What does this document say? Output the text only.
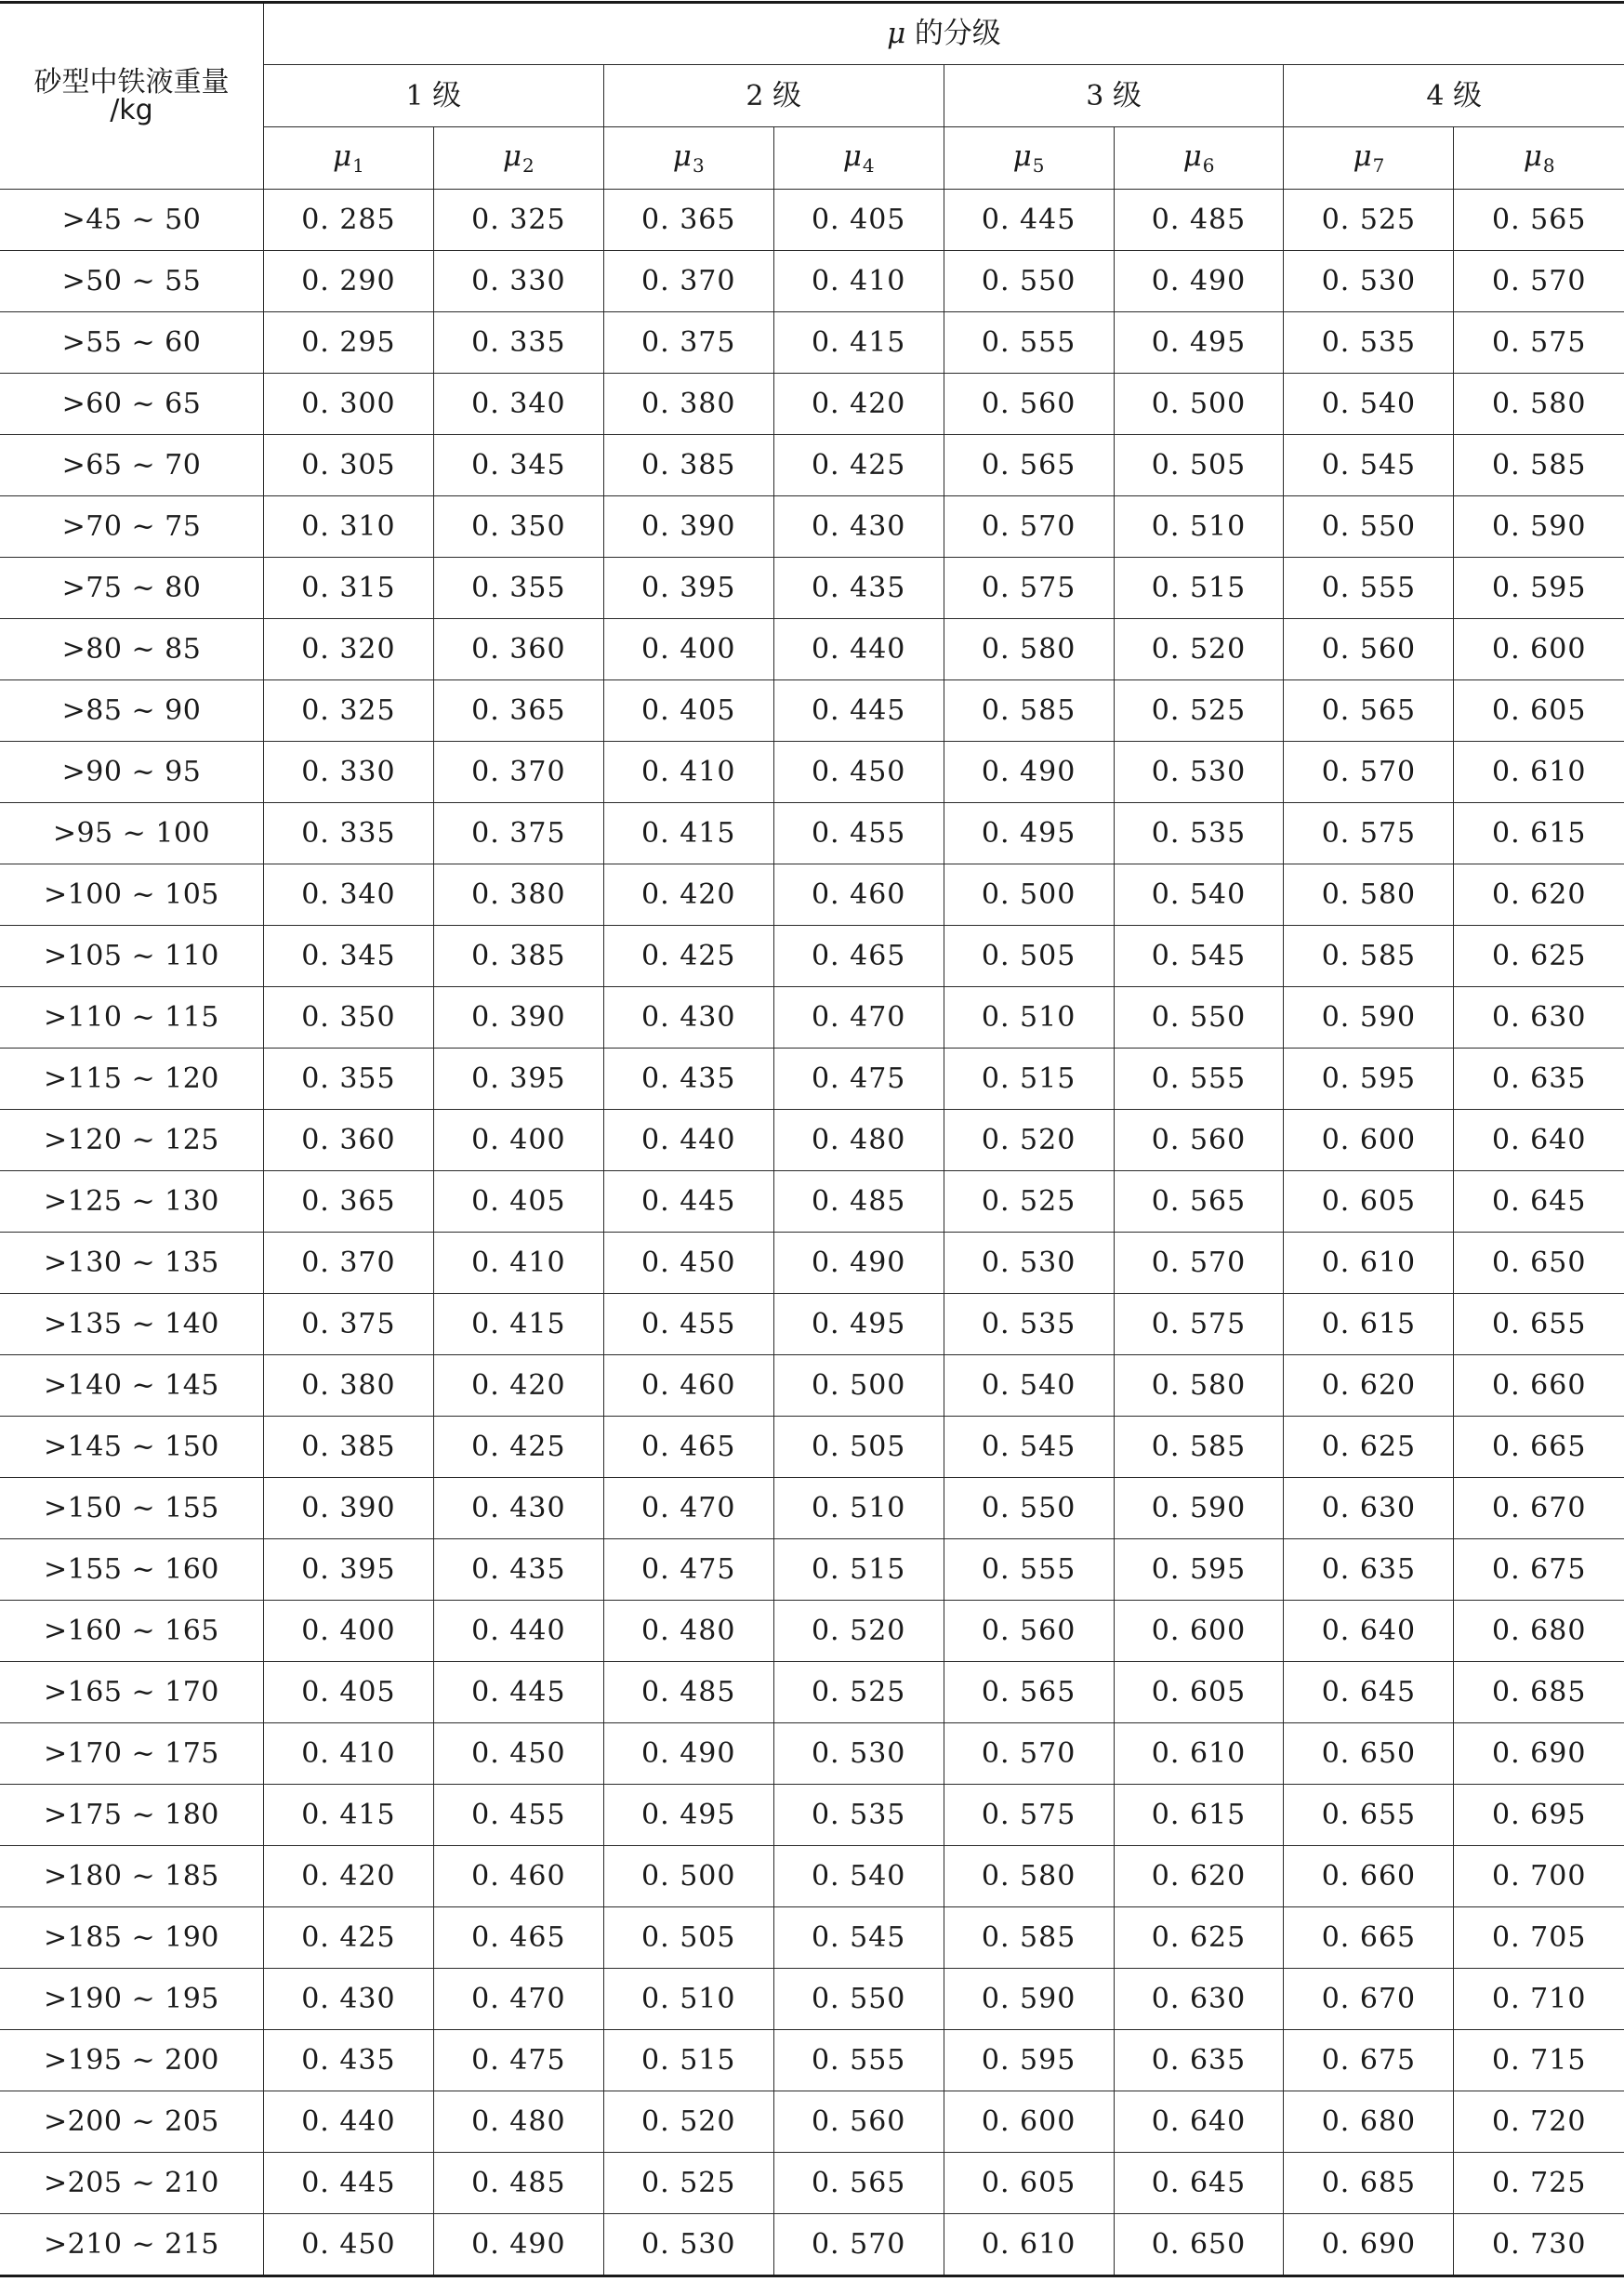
砂型中铁液重量
/kg	μ 的分级							
	1 级		2 级		3 级		4 级	
	$\mu_1$	$\mu_2$	$\mu_3$	$\mu_4$	$\mu_5$	$\mu_6$	$\mu_7$	$\mu_8$
>45 ~ 50	0. 285	0. 325	0. 365	0. 405	0. 445	0. 485	0. 525	0. 565
>50 ~ 55	0. 290	0. 330	0. 370	0. 410	0. 550	0. 490	0. 530	0. 570
>55 ~ 60	0. 295	0. 335	0. 375	0. 415	0. 555	0. 495	0. 535	0. 575
>60 ~ 65	0. 300	0. 340	0. 380	0. 420	0. 560	0. 500	0. 540	0. 580
>65 ~ 70	0. 305	0. 345	0. 385	0. 425	0. 565	0. 505	0. 545	0. 585
>70 ~ 75	0. 310	0. 350	0. 390	0. 430	0. 570	0. 510	0. 550	0. 590
>75 ~ 80	0. 315	0. 355	0. 395	0. 435	0. 575	0. 515	0. 555	0. 595
>80 ~ 85	0. 320	0. 360	0. 400	0. 440	0. 580	0. 520	0. 560	0. 600
>85 ~ 90	0. 325	0. 365	0. 405	0. 445	0. 585	0. 525	0. 565	0. 605
>90 ~ 95	0. 330	0. 370	0. 410	0. 450	0. 490	0. 530	0. 570	0. 610
>95 ~ 100	0. 335	0. 375	0. 415	0. 455	0. 495	0. 535	0. 575	0. 615
>100 ~ 105	0. 340	0. 380	0. 420	0. 460	0. 500	0. 540	0. 580	0. 620
>105 ~ 110	0. 345	0. 385	0. 425	0. 465	0. 505	0. 545	0. 585	0. 625
>110 ~ 115	0. 350	0. 390	0. 430	0. 470	0. 510	0. 550	0. 590	0. 630
>115 ~ 120	0. 355	0. 395	0. 435	0. 475	0. 515	0. 555	0. 595	0. 635
>120 ~ 125	0. 360	0. 400	0. 440	0. 480	0. 520	0. 560	0. 600	0. 640
>125 ~ 130	0. 365	0. 405	0. 445	0. 485	0. 525	0. 565	0. 605	0. 645
>130 ~ 135	0. 370	0. 410	0. 450	0. 490	0. 530	0. 570	0. 610	0. 650
>135 ~ 140	0. 375	0. 415	0. 455	0. 495	0. 535	0. 575	0. 615	0. 655
>140 ~ 145	0. 380	0. 420	0. 460	0. 500	0. 540	0. 580	0. 620	0. 660
>145 ~ 150	0. 385	0. 425	0. 465	0. 505	0. 545	0. 585	0. 625	0. 665
>150 ~ 155	0. 390	0. 430	0. 470	0. 510	0. 550	0. 590	0. 630	0. 670
>155 ~ 160	0. 395	0. 435	0. 475	0. 515	0. 555	0. 595	0. 635	0. 675
>160 ~ 165	0. 400	0. 440	0. 480	0. 520	0. 560	0. 600	0. 640	0. 680
>165 ~ 170	0. 405	0. 445	0. 485	0. 525	0. 565	0. 605	0. 645	0. 685
>170 ~ 175	0. 410	0. 450	0. 490	0. 530	0. 570	0. 610	0. 650	0. 690
>175 ~ 180	0. 415	0. 455	0. 495	0. 535	0. 575	0. 615	0. 655	0. 695
>180 ~ 185	0. 420	0. 460	0. 500	0. 540	0. 580	0. 620	0. 660	0. 700
>185 ~ 190	0. 425	0. 465	0. 505	0. 545	0. 585	0. 625	0. 665	0. 705
>190 ~ 195	0. 430	0. 470	0. 510	0. 550	0. 590	0. 630	0. 670	0. 710
>195 ~ 200	0. 435	0. 475	0. 515	0. 555	0. 595	0. 635	0. 675	0. 715
>200 ~ 205	0. 440	0. 480	0. 520	0. 560	0. 600	0. 640	0. 680	0. 720
>205 ~ 210	0. 445	0. 485	0. 525	0. 565	0. 605	0. 645	0. 685	0. 725
>210 ~ 215	0. 450	0. 490	0. 530	0. 570	0. 610	0. 650	0. 690	0. 730
